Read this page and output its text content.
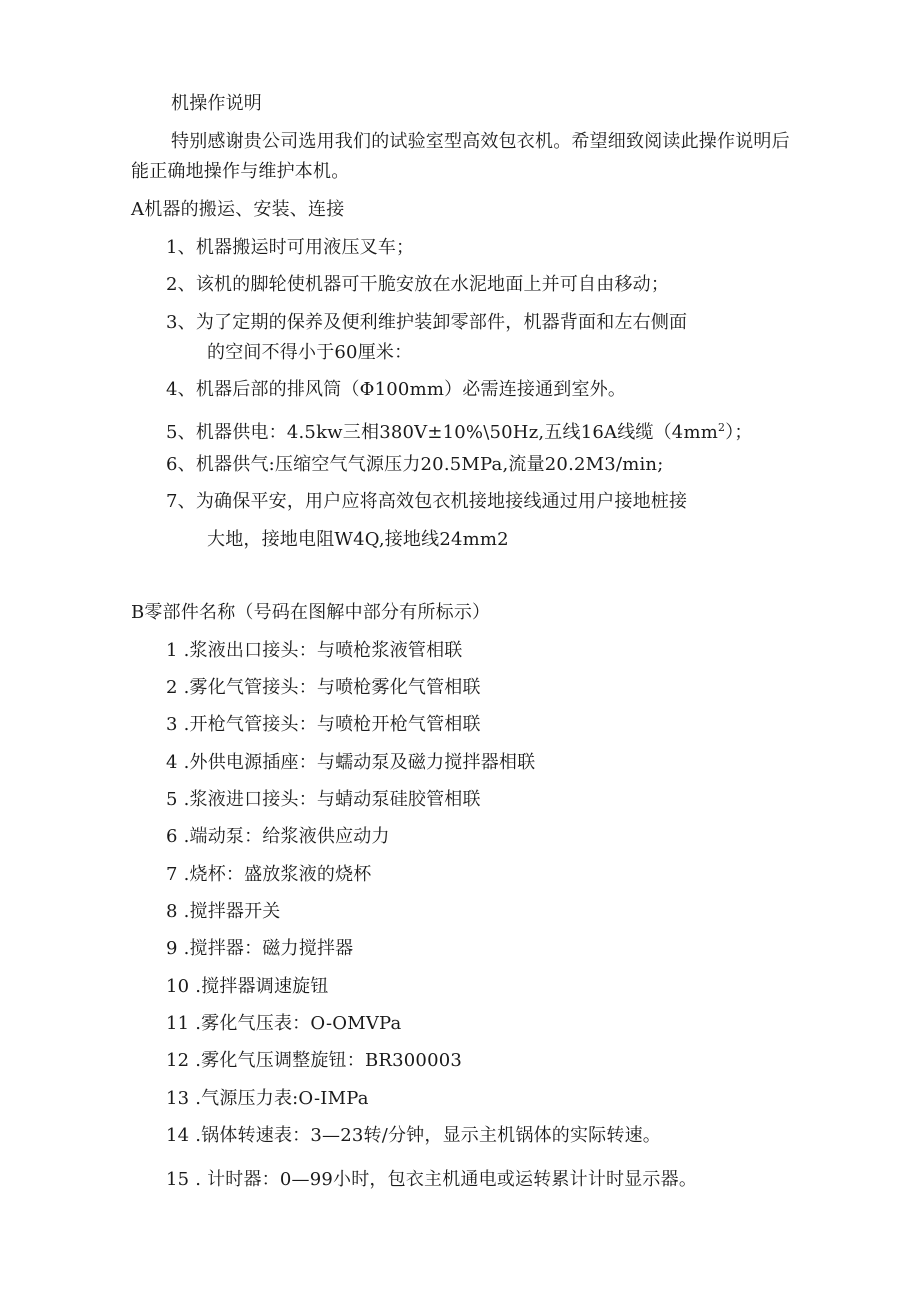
机操作说明
特别感谢贵公司选用我们的试验室型高效包衣机。希望细致阅读此操作说明后
能正确地操作与维护本机。
A机器的搬运、安装、连接
1、机器搬运时可用液压叉车；
2、该机的脚轮使机器可干脆安放在水泥地面上并可自由移动；
3、为了定期的保养及便利维护装卸零部件，机器背面和左右侧面
的空间不得小于60厘米：
4、机器后部的排风筒（Φ100mm）必需连接通到室外。
5、机器供电：4.5kw三相380V±10%\50Hz,五线16A线缆$(4mm^2)$；
6、机器供气:压缩空气气源压力20.5MPa,流量20.2M3∕min;
7、为确保平安，用户应将高效包衣机接地接线通过用户接地桩接
大地，接地电阻W4Q,接地线24mm2
B零部件名称（号码在图解中部分有所标示）
1 .浆液出口接头：与喷枪浆液管相联
2 .雾化气管接头：与喷枪雾化气管相联
3 .开枪气管接头：与喷枪开枪气管相联
4 .外供电源插座：与蠕动泵及磁力搅拌器相联
5 .浆液进口接头：与蜻动泵硅胶管相联
6 .端动泵：给浆液供应动力
7 .烧杯：盛放浆液的烧杯
8 .搅拌器开关
9 .搅拌器：磁力搅拌器
10 .搅拌器调速旋钮
11 .雾化气压表：O-OMVPa
12 .雾化气压调整旋钮：BR300003
13 .气源压力表:O-IMPa
14 .锅体转速表：3—23转/分钟，显示主机锅体的实际转速。
15 . 计时器：0—99小时，包衣主机通电或运转累计计时显示器。
